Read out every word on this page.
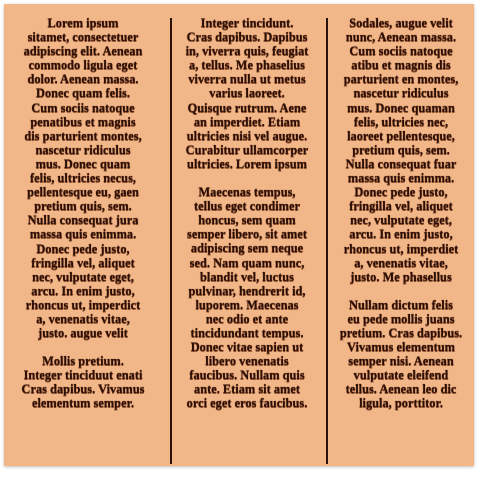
Lorem ipsum
sitamet, consectetuer
adipiscing elit. Aenean
commodo ligula eget
dolor. Aenean massa.
Donec quam felis.
Cum sociis natoque
penatibus et magnis
dis parturient montes,
nascetur ridiculus
mus. Donec quam
felis, ultricies necus,
pellentesque eu, gaen
pretium quis, sem.
Nulla consequat jura
massa quis enimma.
Donec pede justo,
fringilla vel, aliquet
nec, vulputate eget,
arcu. In enim justo,
rhoncus ut, imperdict
a, venenatis vitae,
justo. augue velit

Mollis pretium.
Integer tinciduut enati
Cras dapibus. Vivamus
elementum semper.

Integer tincidunt.
Cras dapibus. Dapibus
in, viverra quis, feugiat
a, tellus. Me phaselius
viverra nulla ut metus
varius laoreet.
Quisque rutrum. Aene
an imperdiet. Etiam
ultricies nisi vel augue.
Curabitur ullamcorper
ultricies. Lorem ipsum

Maecenas tempus,
tellus eget condimer
honcus, sem quam
semper libero, sit amet
adipiscing sem neque
sed. Nam quam nunc,
blandit vel, luctus
pulvinar, hendrerit id,
luporem. Maecenas
nec odio et ante
tincidundant tempus.
Donec vitae sapien ut
libero venenatis
faucibus. Nullam quis
ante. Etiam sit amet
orci eget eros faucibus.

Sodales, augue velit
nunc, Aenean massa.
Cum sociis natoque
atibu et magnis dis
parturient en montes,
nascetur ridiculus
mus. Donec quaman
felis, ultricies nec,
laoreet pellentesque,
pretium quis, sem.
Nulla consequat fuar
massa quis enimma.
Donec pede justo,
fringilla vel, aliquet
nec, vulputate eget,
arcu. In enim justo,
rhoncus ut, imperdiet
a, venenatis vitae,
justo. Me phasellus

Nullam dictum felis
eu pede mollis juans
pretium. Cras dapibus.
Vivamus elementum
semper nisi. Aenean
vulputate eleifend
tellus. Aenean leo dic
ligula, porttitor.
